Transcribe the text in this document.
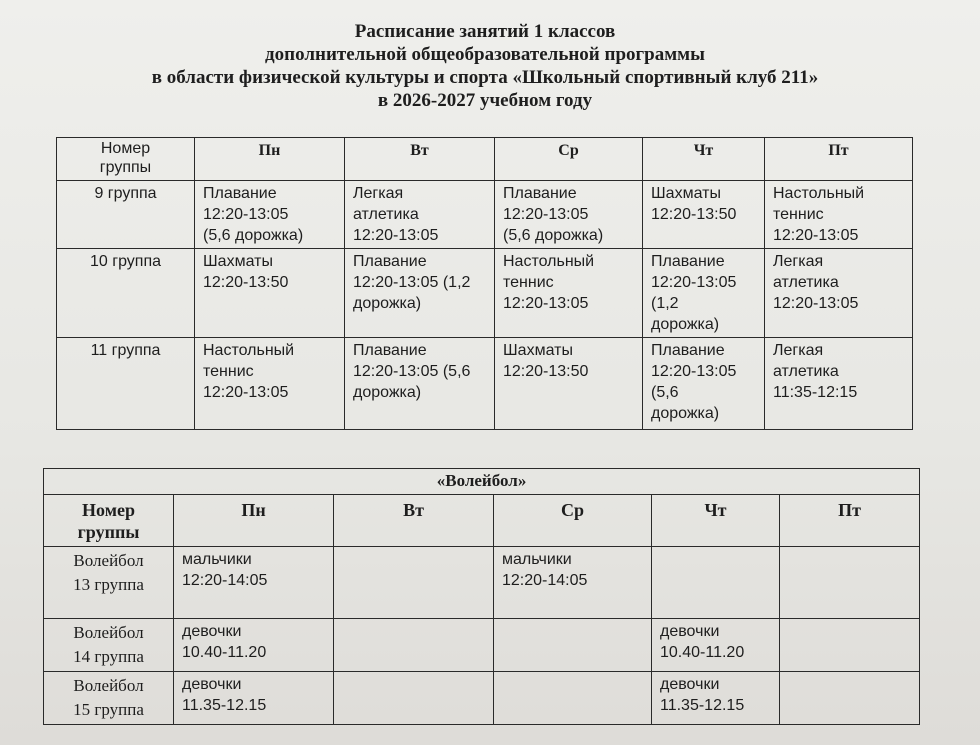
Расписание занятий 1 классов
дополнительной общеобразовательной программы
в области физической культуры и спорта «Школьный спортивный клуб 211»
в 2026-2027 учебном году
Номер
группы	Пн	Вт	Ср	Чт	Пт
9 группа	Плавание
12:20-13:05
(5,6 дорожка)	Легкая
атлетика
12:20-13:05	Плавание
12:20-13:05
(5,6 дорожка)	Шахматы
12:20-13:50	Настольный
теннис
12:20-13:05
10 группа	Шахматы
12:20-13:50	Плавание
12:20-13:05 (1,2
дорожка)	Настольный
теннис
12:20-13:05	Плавание
12:20-13:05
(1,2
дорожка)	Легкая
атлетика
12:20-13:05
11 группа	Настольный
теннис
12:20-13:05	Плавание
12:20-13:05 (5,6
дорожка)	Шахматы
12:20-13:50	Плавание
12:20-13:05
(5,6
дорожка)	Легкая
атлетика
11:35-12:15
«Волейбол»					
Номер
группы	Пн	Вт	Ср	Чт	Пт
Волейбол
13 группа	мальчики
12:20-14:05		мальчики
12:20-14:05		
Волейбол
14 группа	девочки
10.40-11.20			девочки
10.40-11.20	
Волейбол
15 группа	девочки
11.35-12.15			девочки
11.35-12.15	
